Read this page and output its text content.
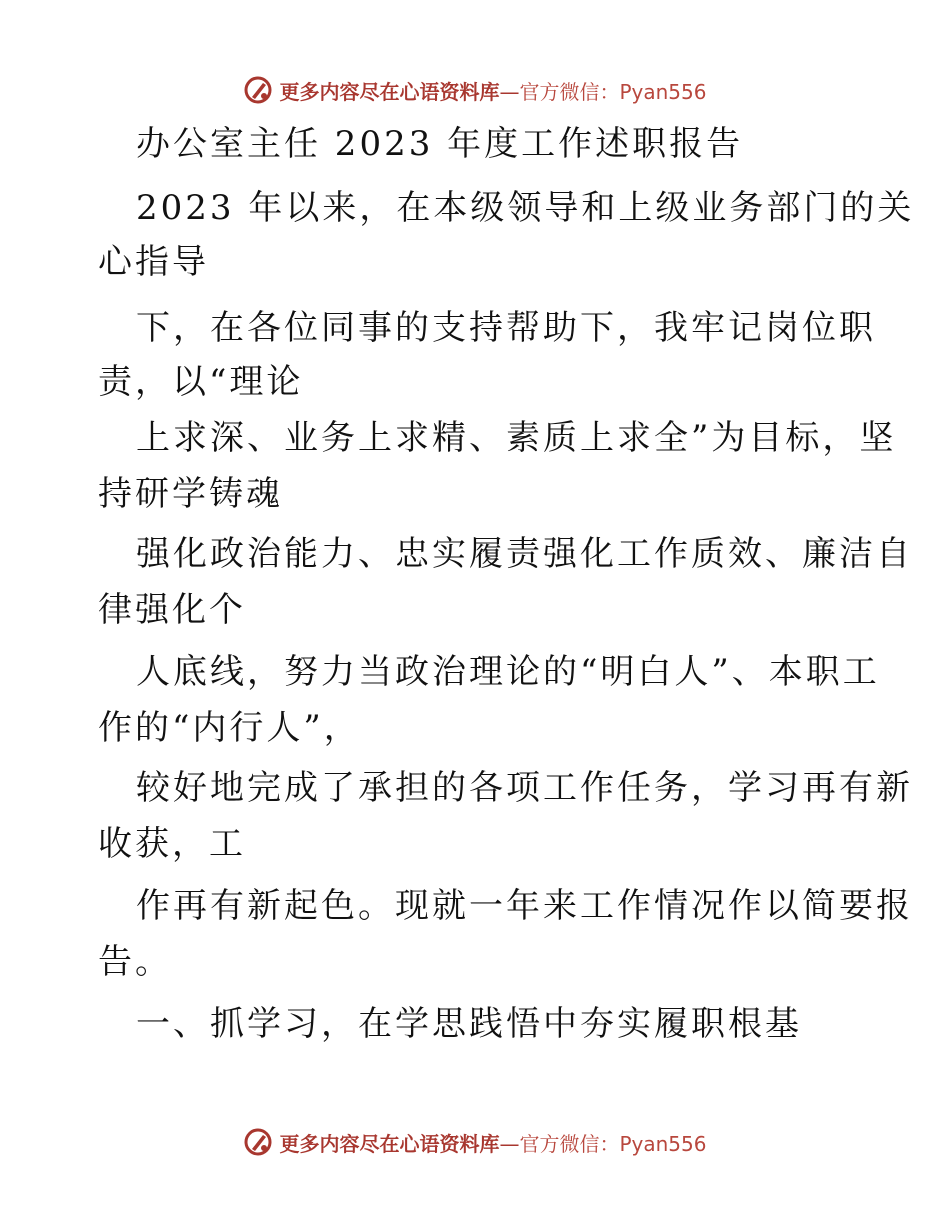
更多内容尽在心语资料库—官方微信：Pyan556
办公室主任 2023 年度工作述职报告
2023 年以来，在本级领导和上级业务部门的关
心指导
下，在各位同事的支持帮助下，我牢记岗位职
责，以“理论
上求深、业务上求精、素质上求全”为目标，坚
持研学铸魂
强化政治能力、忠实履责强化工作质效、廉洁自
律强化个
人底线，努力当政治理论的“明白人”、本职工
作的“内行人”，
较好地完成了承担的各项工作任务，学习再有新
收获，工
作再有新起色。现就一年来工作情况作以简要报
告。
一、抓学习，在学思践悟中夯实履职根基
更多内容尽在心语资料库—官方微信：Pyan556
